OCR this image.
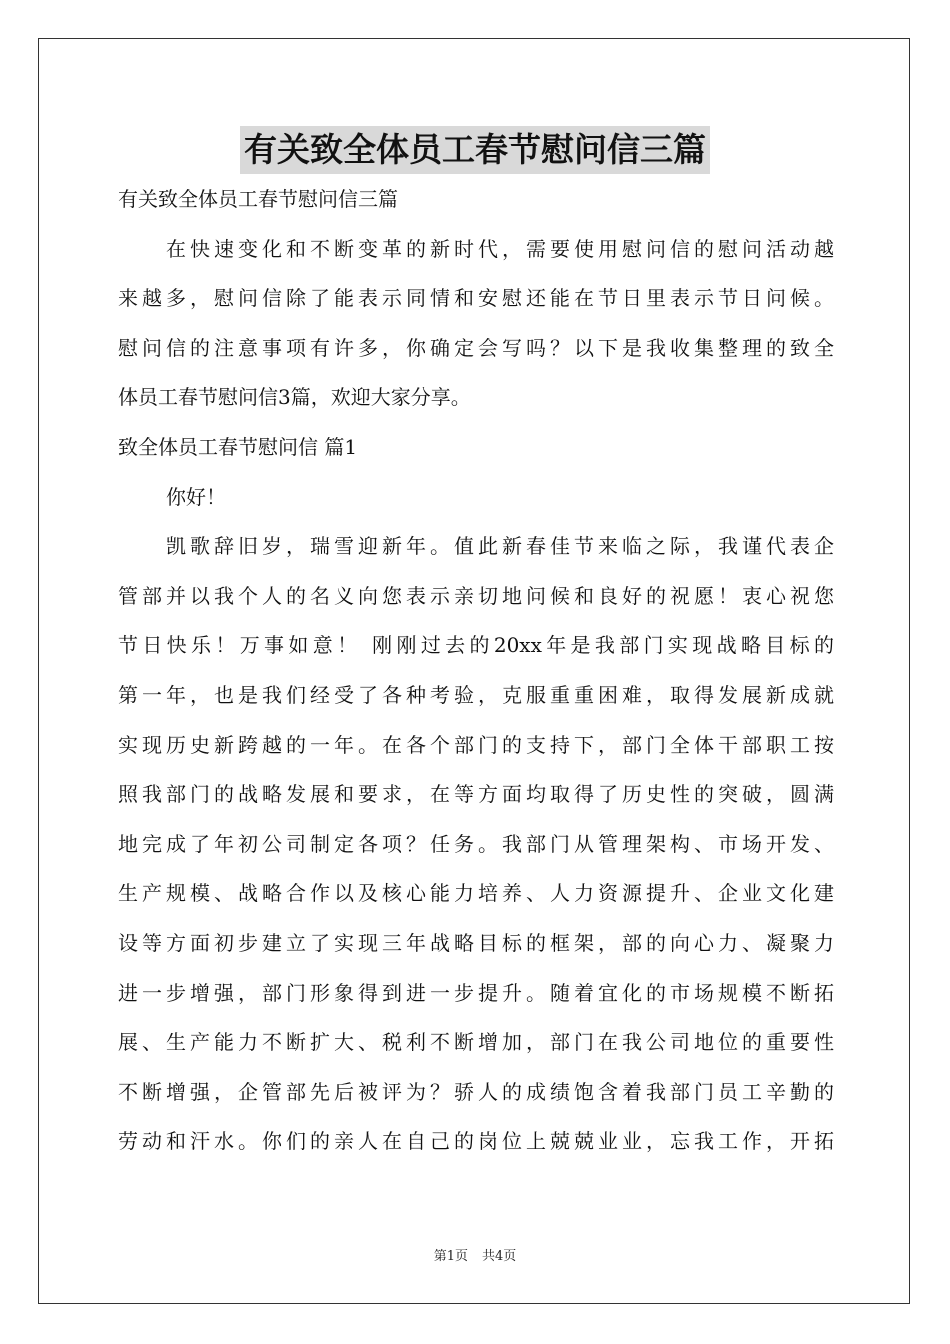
有关致全体员工春节慰问信三篇

有关致全体员工春节慰问信三篇

在快速变化和不断变革的新时代，需要使用慰问信的慰问活动越

来越多，慰问信除了能表示同情和安慰还能在节日里表示节日问候。

慰问信的注意事项有许多，你确定会写吗？以下是我收集整理的致全

体员工春节慰问信3篇，欢迎大家分享。

致全体员工春节慰问信 篇1

你好！

凯歌辞旧岁，瑞雪迎新年。值此新春佳节来临之际，我谨代表企

管部并以我个人的名义向您表示亲切地问候和良好的祝愿！衷心祝您

节日快乐！万事如意！ 刚刚过去的20xx年是我部门实现战略目标的

第一年，也是我们经受了各种考验，克服重重困难，取得发展新成就

实现历史新跨越的一年。在各个部门的支持下，部门全体干部职工按

照我部门的战略发展和要求，在等方面均取得了历史性的突破，圆满

地完成了年初公司制定各项？任务。我部门从管理架构、市场开发、

生产规模、战略合作以及核心能力培养、人力资源提升、企业文化建

设等方面初步建立了实现三年战略目标的框架，部的向心力、凝聚力

进一步增强，部门形象得到进一步提升。随着宜化的市场规模不断拓

展、生产能力不断扩大、税利不断增加，部门在我公司地位的重要性

不断增强，企管部先后被评为？骄人的成绩饱含着我部门员工辛勤的

劳动和汗水。你们的亲人在自己的岗位上兢兢业业，忘我工作，开拓

第1页 共4页
